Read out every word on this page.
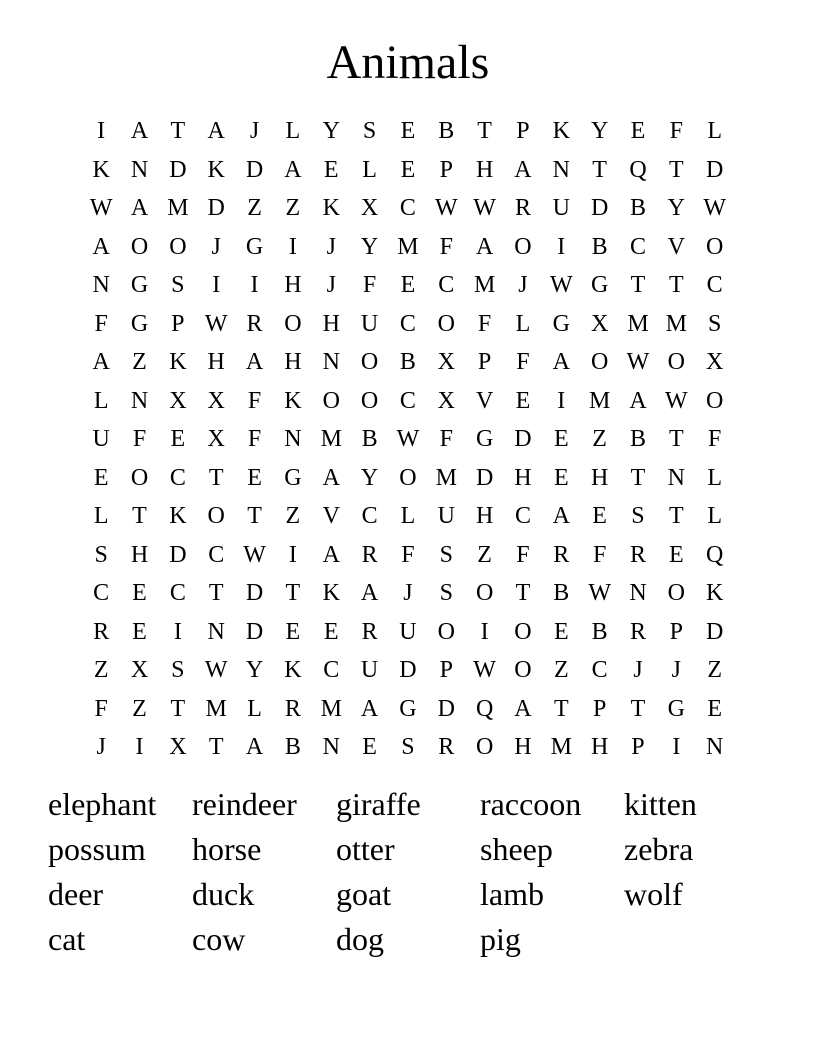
Animals
I	A T A	J	L Y S	E B T	P K Y E	F	L
K N D K D A E L E	P H A N T Q T D
W A M D Z Z K X C W W R U D B Y W
A O O	J	G	I	J	Y M F A O	I	B C V O
N G S	I	I	H	J	F	E C M J W G T T C
F G P W R O H U C O F	L G X M M S
A Z K H A H N O B X P	F A O W O X
L N X X F K O O C X V E	I M A W O
U F	E X F N M B W F G D E Z B T	F
E O C T E G A Y O M D H E H T N L
L T K O T Z V C L U H C A E	S	T L
S H D C W I	A R F	S	Z	F R F R E Q
C E C T D T K A	J	S O T B W N O K
R E	I	N D E E R U O	I	O E B R P D
Z X S W Y K C U D P W O Z C	J	J	Z
F	Z T M L R M A G D Q A T	P	T G E
J	I	X T A B N E	S R O H M H P	I	N
elephant	reindeer	giraffe	raccoon	kitten
possum	horse	otter	sheep	zebra
deer	duck	goat	lamb	wolf
cat	cow	dog	pig
